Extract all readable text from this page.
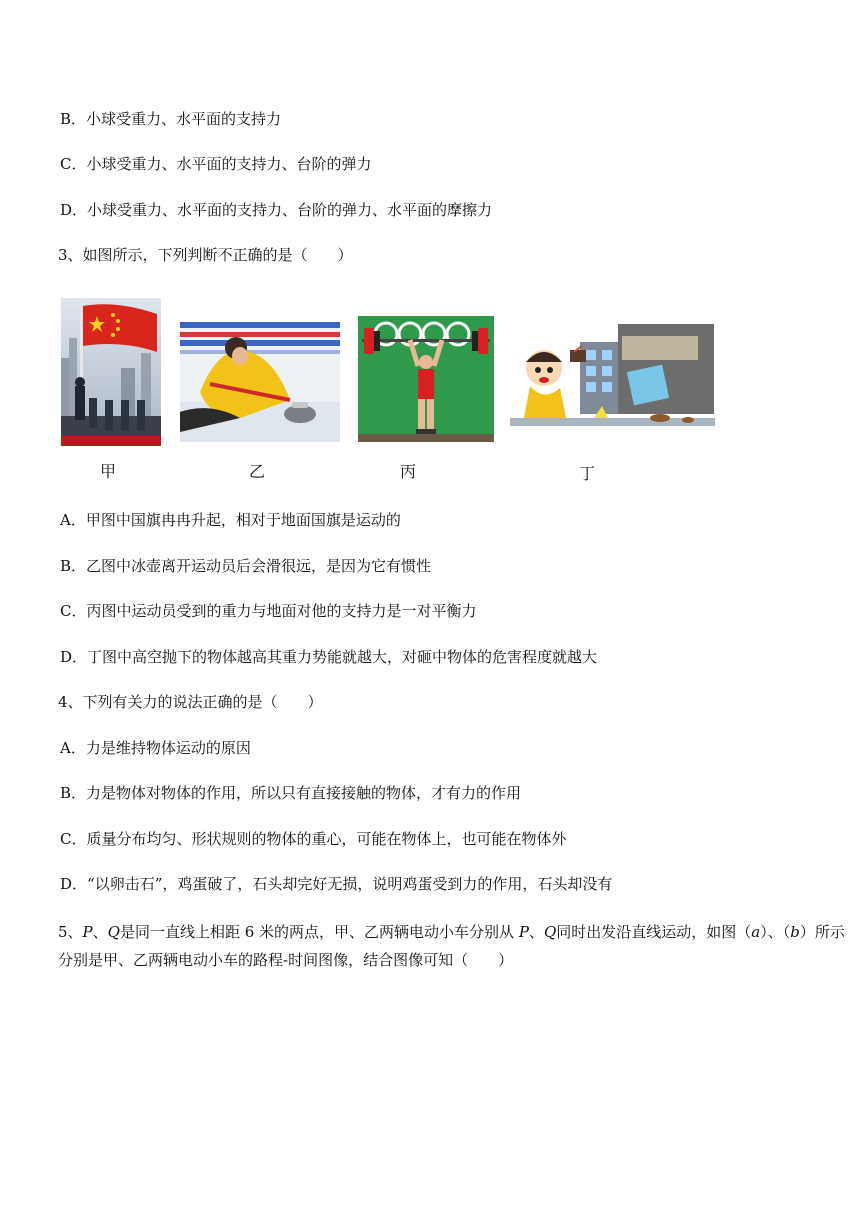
B．小球受重力、水平面的支持力
C．小球受重力、水平面的支持力、台阶的弹力
D．小球受重力、水平面的支持力、台阶的弹力、水平面的摩擦力
3、如图所示，下列判断不正确的是（　　）
甲	乙	丙	丁
A．甲图中国旗冉冉升起，相对于地面国旗是运动的
B．乙图中冰壶离开运动员后会滑很远，是因为它有惯性
C．丙图中运动员受到的重力与地面对他的支持力是一对平衡力
D．丁图中高空抛下的物体越高其重力势能就越大，对砸中物体的危害程度就越大
4、下列有关力的说法正确的是（　　）
A．力是维持物体运动的原因
B．力是物体对物体的作用，所以只有直接接触的物体，才有力的作用
C．质量分布均匀、形状规则的物体的重心，可能在物体上，也可能在物体外
D．“以卵击石”，鸡蛋破了，石头却完好无损，说明鸡蛋受到力的作用，石头却没有
5、P、Q是同一直线上相距 6 米的两点，甲、乙两辆电动小车分别从 P、Q同时出发沿直线运动，如图（a）、（b）所示分别是甲、乙两辆电动小车的路程-时间图像，结合图像可知（　　）
